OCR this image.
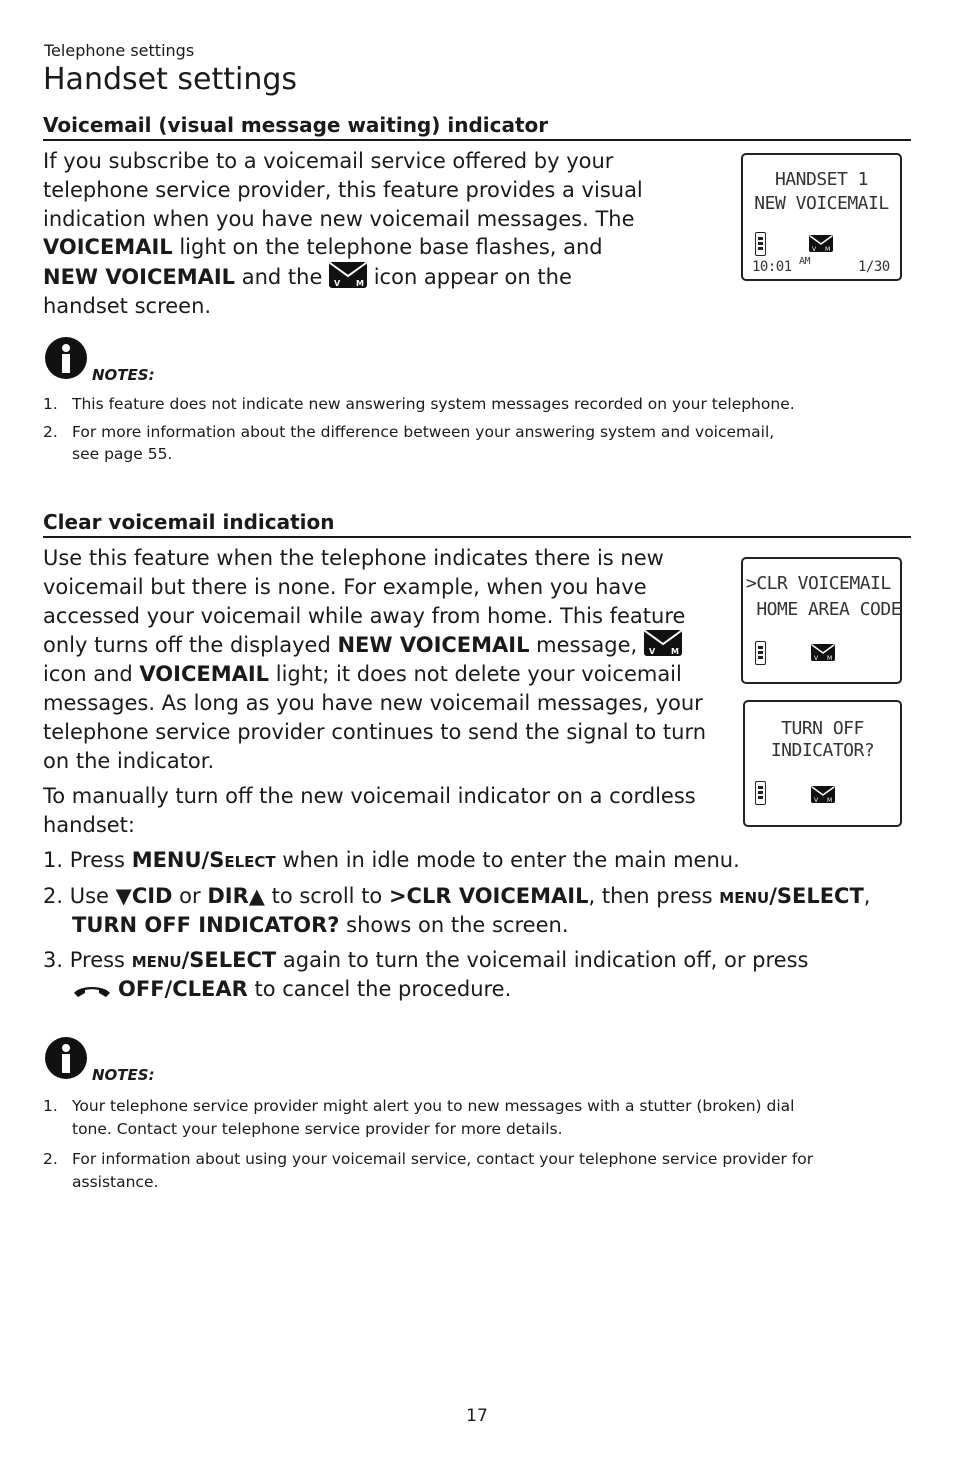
Telephone settings
Handset settings
Voicemail (visual message waiting) indicator
If you subscribe to a voicemail service offered by your
telephone service provider, this feature provides a visual
indication when you have new voicemail messages. The
VOICEMAIL light on the telephone base flashes, and
NEW VOICEMAIL and the V M icon appear on the
handset screen.
HANDSET 1
NEW VOICEMAIL
V M
10:01 AM	1/30
NOTES:
1. This feature does not indicate new answering system messages recorded on your telephone.
2. For more information about the difference between your answering system and voicemail,
see page 55.
Clear voicemail indication
Use this feature when the telephone indicates there is new
voicemail but there is none. For example, when you have
accessed your voicemail while away from home. This feature
only turns off the displayed NEW VOICEMAIL message, V M
icon and VOICEMAIL light; it does not delete your voicemail
messages. As long as you have new voicemail messages, your
telephone service provider continues to send the signal to turn
on the indicator.
To manually turn off the new voicemail indicator on a cordless
handset:
>CLR VOICEMAIL
HOME AREA CODE
V M
TURN OFF
INDICATOR?
V M
1. Press MENU/Select when in idle mode to enter the main menu.
2. Use ▼CID or DIR▲ to scroll to >CLR VOICEMAIL, then press menu/SELECT,
TURN OFF INDICATOR? shows on the screen.
3. Press menu/SELECT again to turn the voicemail indication off, or press
OFF/CLEAR to cancel the procedure.
NOTES:
1. Your telephone service provider might alert you to new messages with a stutter (broken) dial
tone. Contact your telephone service provider for more details.
2. For information about using your voicemail service, contact your telephone service provider for
assistance.
17
